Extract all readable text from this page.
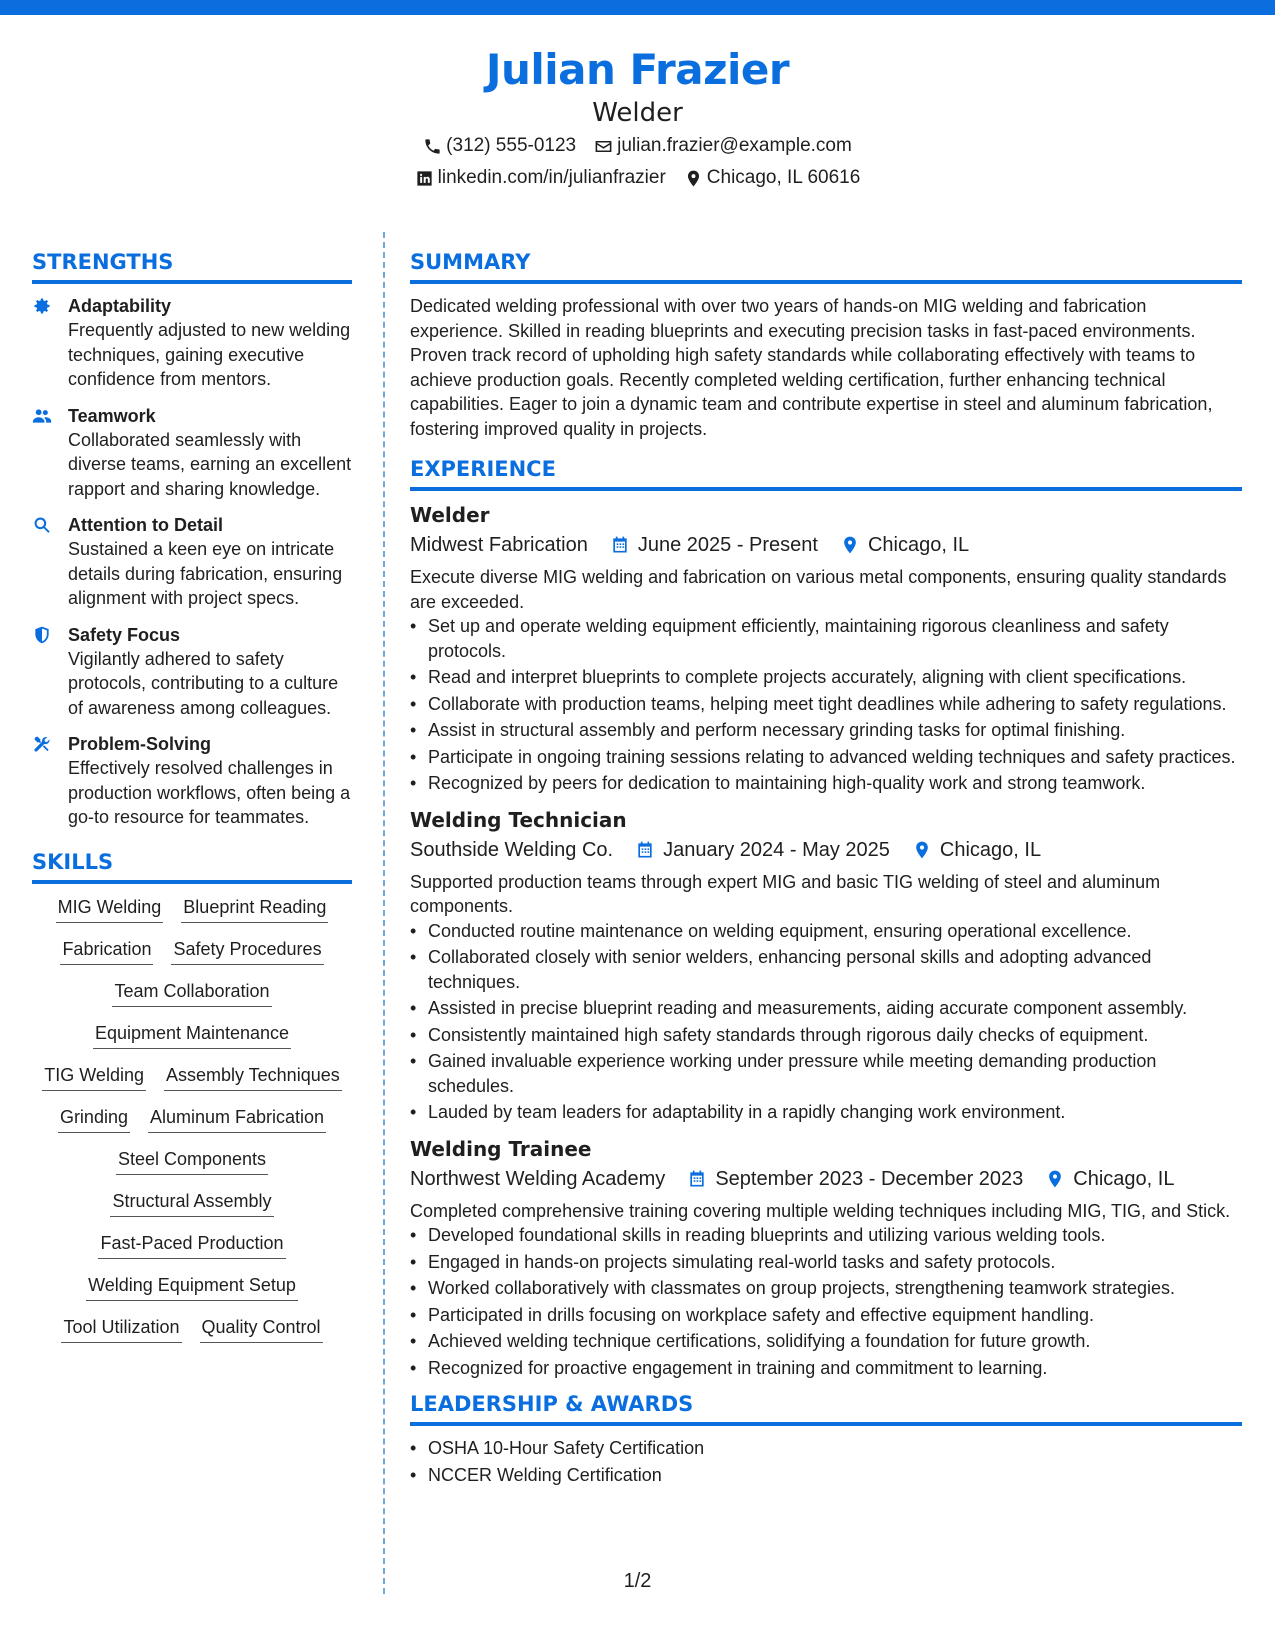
Julian Frazier
Welder
(312) 555-0123 julian.frazier@example.com
linkedin.com/in/julianfrazier Chicago, IL 60616
STRENGTHS
Adaptability
Frequently adjusted to new welding techniques, gaining executive confidence from mentors.
Teamwork
Collaborated seamlessly with diverse teams, earning an excellent rapport and sharing knowledge.
Attention to Detail
Sustained a keen eye on intricate details during fabrication, ensuring alignment with project specs.
Safety Focus
Vigilantly adhered to safety protocols, contributing to a culture of awareness among colleagues.
Problem-Solving
Effectively resolved challenges in production workflows, often being a go-to resource for teammates.
SKILLS
MIG Welding Blueprint Reading
Fabrication Safety Procedures
Team Collaboration
Equipment Maintenance
TIG Welding Assembly Techniques
Grinding Aluminum Fabrication
Steel Components
Structural Assembly
Fast-Paced Production
Welding Equipment Setup
Tool Utilization Quality Control
SUMMARY
Dedicated welding professional with over two years of hands-on MIG welding and fabrication experience. Skilled in reading blueprints and executing precision tasks in fast-paced environments. Proven track record of upholding high safety standards while collaborating effectively with teams to achieve production goals. Recently completed welding certification, further enhancing technical capabilities. Eager to join a dynamic team and contribute expertise in steel and aluminum fabrication, fostering improved quality in projects.
EXPERIENCE
Welder
Midwest Fabrication	June 2025 - Present	Chicago, IL
Execute diverse MIG welding and fabrication on various metal components, ensuring quality standards are exceeded.
• Set up and operate welding equipment efficiently, maintaining rigorous cleanliness and safety protocols.
• Read and interpret blueprints to complete projects accurately, aligning with client specifications.
• Collaborate with production teams, helping meet tight deadlines while adhering to safety regulations.
• Assist in structural assembly and perform necessary grinding tasks for optimal finishing.
• Participate in ongoing training sessions relating to advanced welding techniques and safety practices.
• Recognized by peers for dedication to maintaining high-quality work and strong teamwork.
Welding Technician
Southside Welding Co.	January 2024 - May 2025	Chicago, IL
Supported production teams through expert MIG and basic TIG welding of steel and aluminum components.
• Conducted routine maintenance on welding equipment, ensuring operational excellence.
• Collaborated closely with senior welders, enhancing personal skills and adopting advanced techniques.
• Assisted in precise blueprint reading and measurements, aiding accurate component assembly.
• Consistently maintained high safety standards through rigorous daily checks of equipment.
• Gained invaluable experience working under pressure while meeting demanding production schedules.
• Lauded by team leaders for adaptability in a rapidly changing work environment.
Welding Trainee
Northwest Welding Academy	September 2023 - December 2023	Chicago, IL
Completed comprehensive training covering multiple welding techniques including MIG, TIG, and Stick.
• Developed foundational skills in reading blueprints and utilizing various welding tools.
• Engaged in hands-on projects simulating real-world tasks and safety protocols.
• Worked collaboratively with classmates on group projects, strengthening teamwork strategies.
• Participated in drills focusing on workplace safety and effective equipment handling.
• Achieved welding technique certifications, solidifying a foundation for future growth.
• Recognized for proactive engagement in training and commitment to learning.
LEADERSHIP & AWARDS
• OSHA 10-Hour Safety Certification
• NCCER Welding Certification
1/2
